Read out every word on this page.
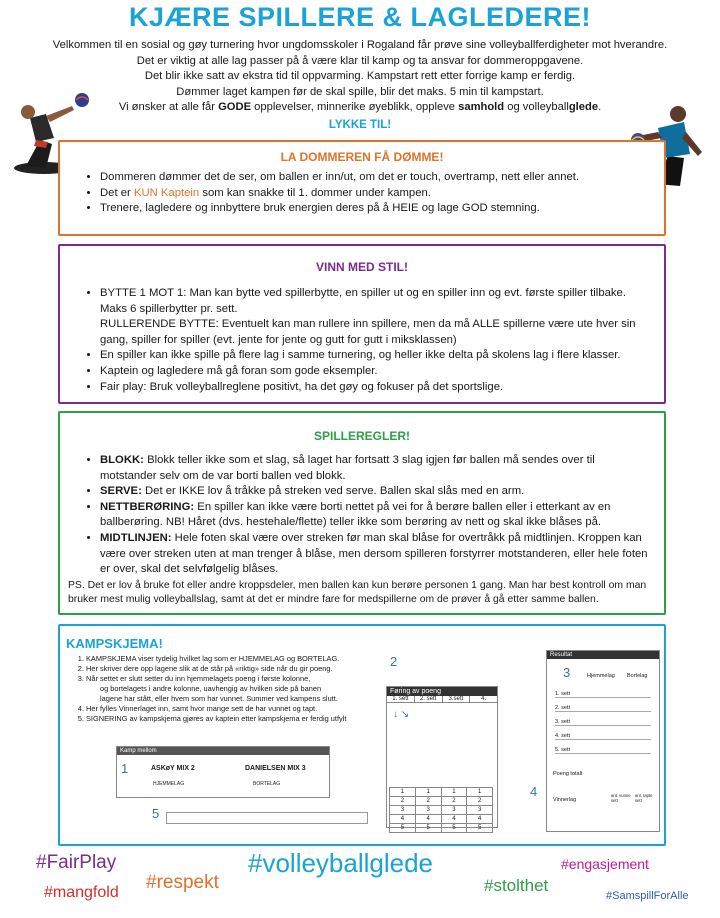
KJÆRE SPILLERE & LAGLEDERE!

Velkommen til en sosial og gøy turnering hvor ungdomsskoler i Rogaland får prøve sine volleyballferdigheter mot hverandre. Det er viktig at alle lag passer på å være klar til kamp og ta ansvar for dommeroppgavene.

Det blir ikke satt av ekstra tid til oppvarming. Kampstart rett etter forrige kamp er ferdig.

Dømmer laget kampen før de skal spille, blir det maks. 5 min til kampstart.

Vi ønsker at alle får GODE opplevelser, minnerike øyeblikk, oppleve samhold og volleyballglede.

LYKKE TIL!
LA DOMMEREN FÅ DØMME!
• Dommeren dømmer det de ser, om ballen er inn/ut, om det er touch, overtramp, nett eller annet.
• Det er KUN Kaptein som kan snakke til 1. dommer under kampen.
• Trenere, lagledere og innbyttere bruk energien deres på å HEIE og lage GOD stemning.
VINN MED STIL!
• BYTTE 1 MOT 1: Man kan bytte ved spillerbytte, en spiller ut og en spiller inn og evt. første spiller tilbake. Maks 6 spillerbytter pr. sett.
RULLERENDE BYTTE: Eventuelt kan man rullere inn spillere, men da må ALLE spillerne være ute hver sin gang, spiller for spiller (evt. jente for jente og gutt for gutt i miksklassen)
• En spiller kan ikke spille på flere lag i samme turnering, og heller ikke delta på skolens lag i flere klasser.
• Kaptein og lagledere må gå foran som gode eksempler.
• Fair play: Bruk volleyballreglene positivt, ha det gøy og fokuser på det sportslige.
SPILLEREGLER!
• BLOKK: Blokk teller ikke som et slag, så laget har fortsatt 3 slag igjen før ballen må sendes over til motstander selv om de var borti ballen ved blokk.
• SERVE: Det er IKKE lov å tråkke på streken ved serve. Ballen skal slås med en arm.
• NETTBERØRING: En spiller kan ikke være borti nettet på vei for å berøre ballen eller i etterkant av en ballberøring. NB! Håret (dvs. hestehale/flette) teller ikke som berøring av nett og skal ikke blåses på.
• MIDTLINJEN: Hele foten skal være over streken før man skal blåse for overtråkk på midtlinjen. Kroppen kan være over streken uten at man trenger å blåse, men dersom spilleren forstyrrer motstanderen, eller hele foten er over, skal det selvfølgelig blåses.

PS. Det er lov å bruke fot eller andre kroppsdeler, men ballen kan kun berøre personen 1 gang. Man har best kontroll om man bruker mest mulig volleyballslag, samt at det er mindre fare for medspillerne om de prøver å gå etter samme ballen.

KAMPSKJEMA!
1. KAMPSKJEMA viser tydelig hvilket lag som er HJEMMELAG og BORTELAG.
2. Her skriver dere opp lagene slik at de står på «riktig» side når du gir poeng.
3. Når settet er slutt setter du inn hjemmelagets poeng i første kolonne,
og bortelagets i andre kolonne, uavhengig av hvilken side på banen
lagene har stått, eller hvem som har vunnet. Summer ved kampens slutt.
4. Her fylles Vinnerlaget inn, samt hvor mange sett de har vunnet og tapt.
5. SIGNERING av kampskjema gjøres av kaptein etter kampskjema er ferdig utfylt
Kamp mellom
1	ASKøY MIX 2	DANIELSEN MIX 3
HJEMMELAG	BORTELAG
5
2
Føring av poeng
1. sett	2. sett	3.sett	4.
↓ ↘
1	1	1	1
2	2	2	2
3	3	3	3
4	4	4	4
5	5	5	5
Resultat
3	Hjemmelag Bortelag
1. sett
2. sett
3. sett
4. sett
5. sett
Poeng totalt
Vinnerlag
ant. vunne sett
ant. tapte sett
4
#FairPlay	#volleyballglede	#engasjement
#mangfold #respekt	#stolthet
#SamspillForAlle
